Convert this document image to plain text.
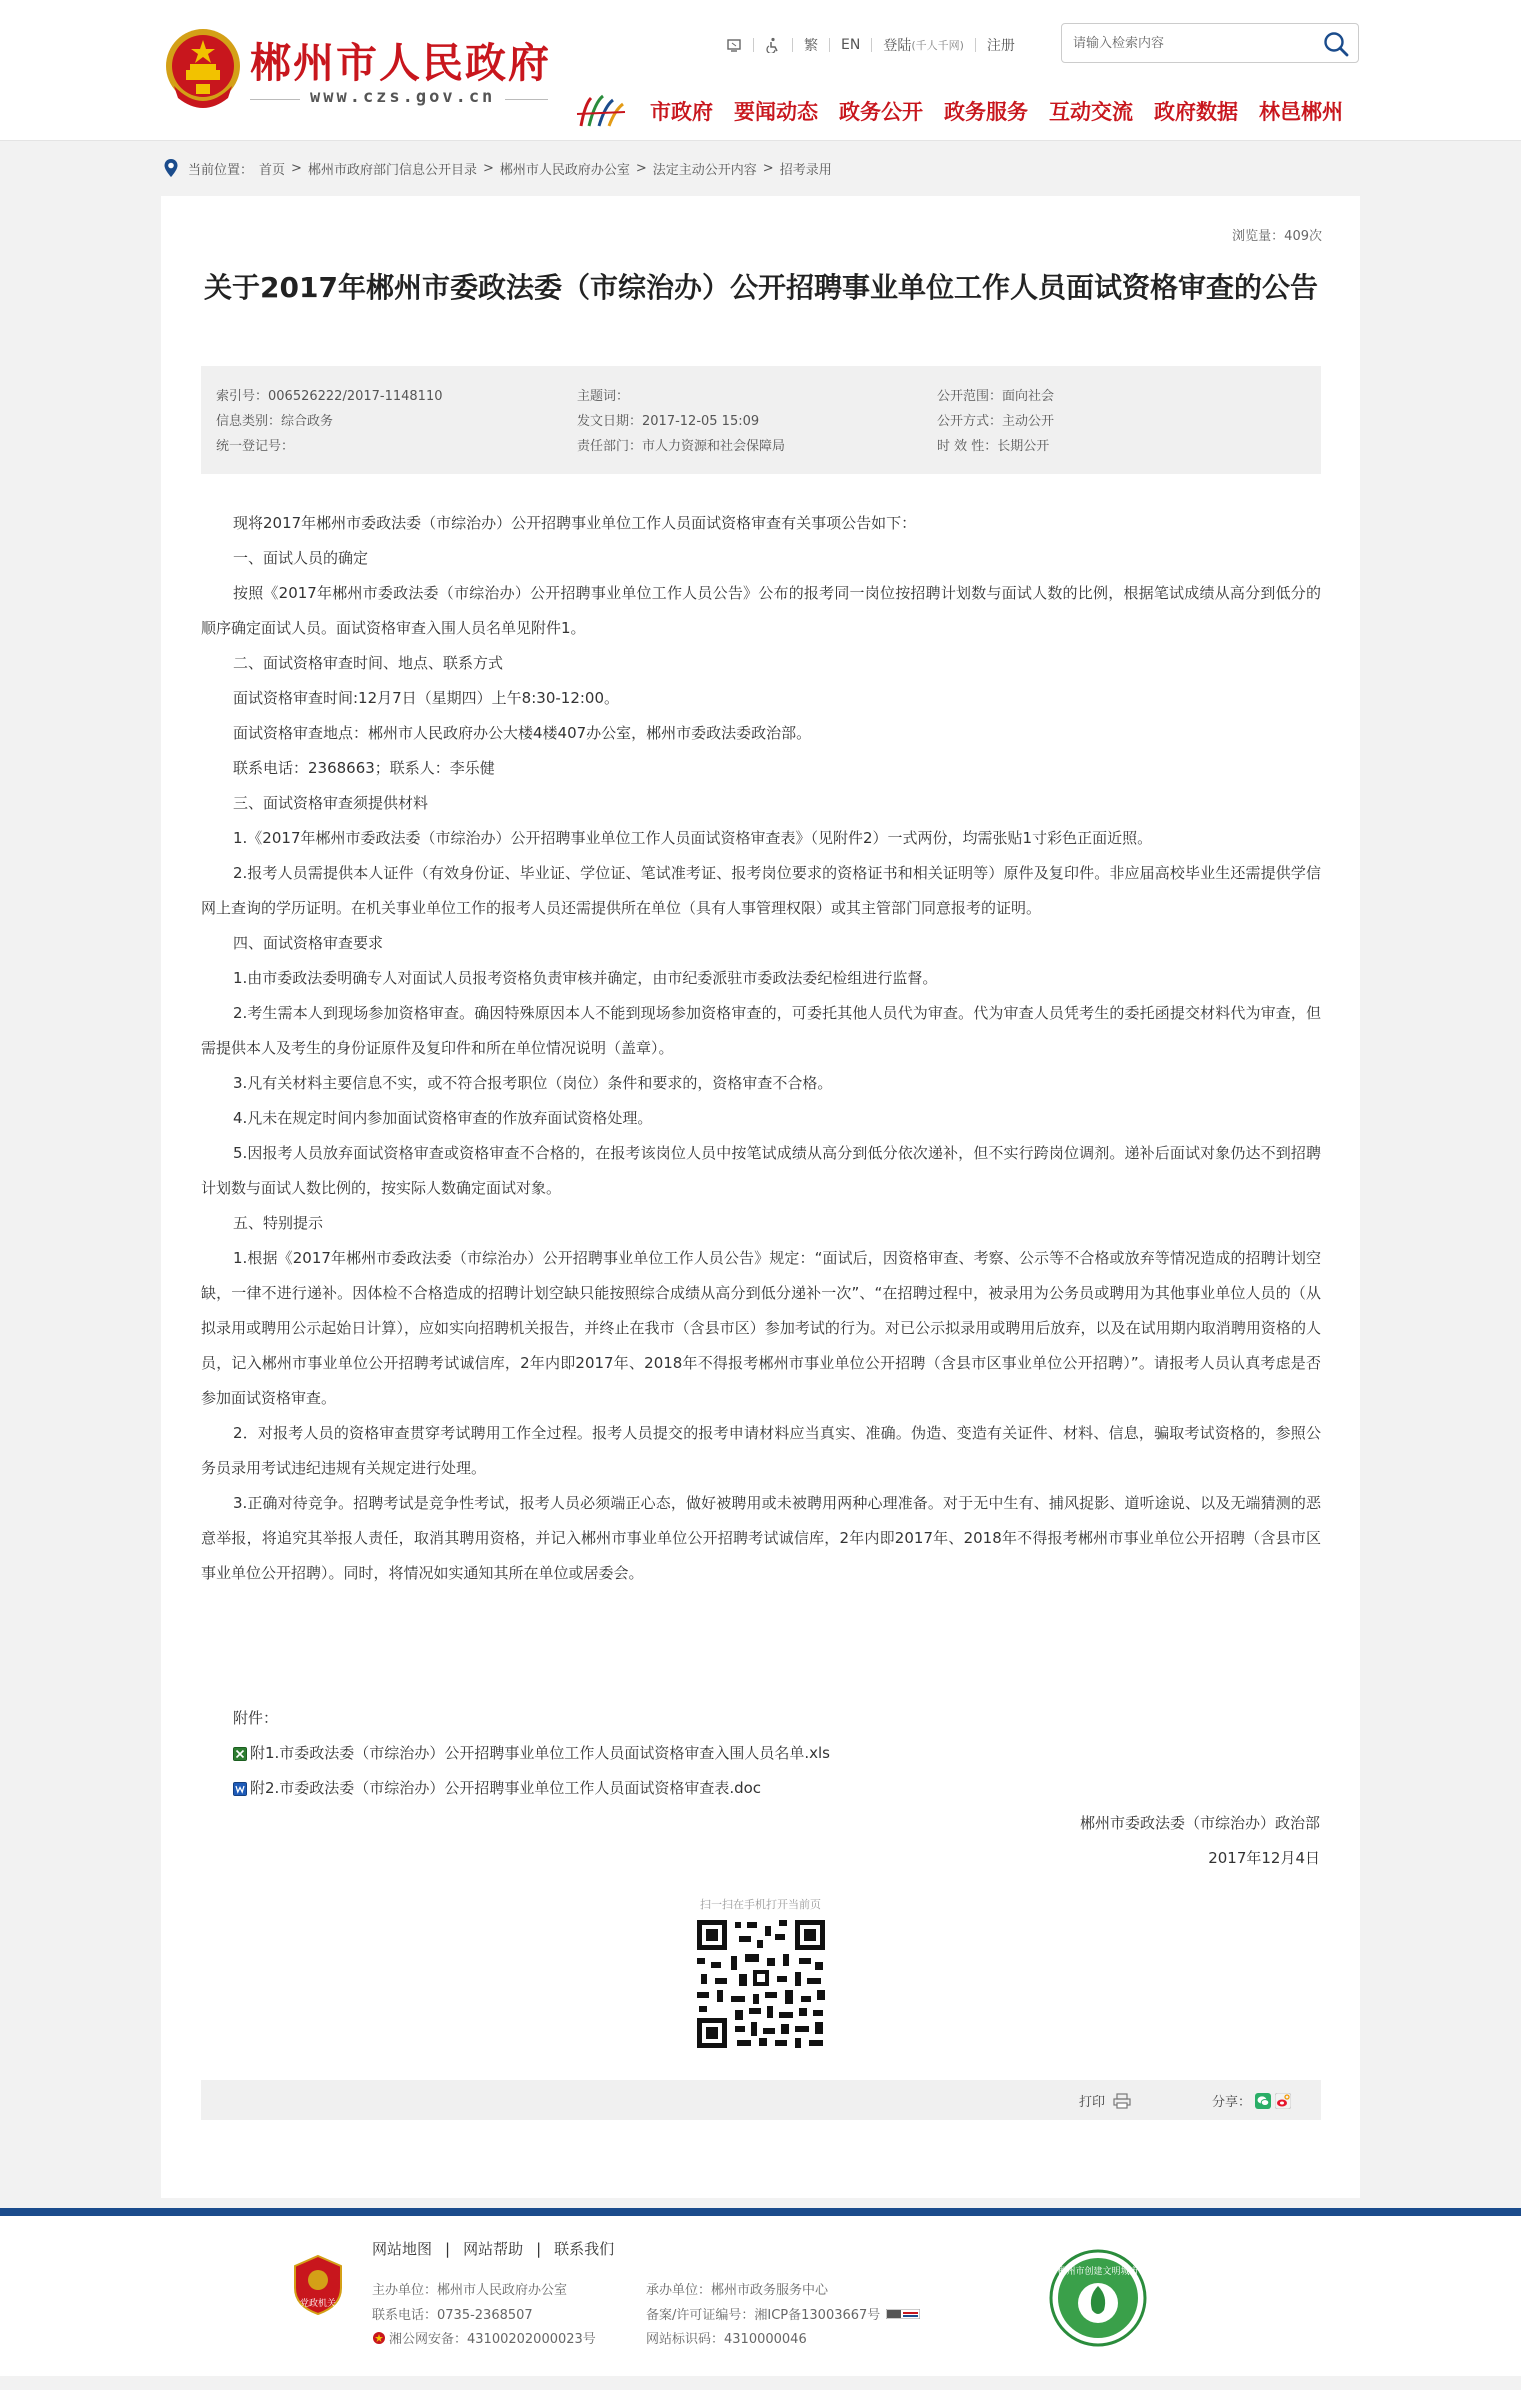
郴州市人民政府
www.czs.gov.cn
繁 EN 登陆 (千人千网) 注册
请输入检索内容
市政府 要闻动态 政务公开 政务服务 互动交流 政府数据 林邑郴州
当前位置： 首页 > 郴州市政府部门信息公开目录 > 郴州市人民政府办公室 > 法定主动公开内容 > 招考录用
浏览量：409次
关于2017年郴州市委政法委（市综治办）公开招聘事业单位工作人员面试资格审查的公告
索引号：006526222/2017-1148110
信息类别：综合政务
统一登记号：
主题词：
发文日期：2017-12-05 15:09
责任部门：市人力资源和社会保障局
公开范围：面向社会
公开方式：主动公开
时 效 性：长期公开

现将2017年郴州市委政法委（市综治办）公开招聘事业单位工作人员面试资格审查有关事项公告如下：

一、面试人员的确定

按照《2017年郴州市委政法委（市综治办）公开招聘事业单位工作人员公告》公布的报考同一岗位按招聘计划数与面试人数的比例，根据笔试成绩从高分到低分的顺序确定面试人员。面试资格审查入围人员名单见附件1。

二、面试资格审查时间、地点、联系方式

面试资格审查时间:12月7日（星期四）上午8:30-12:00。

面试资格审查地点：郴州市人民政府办公大楼4楼407办公室，郴州市委政法委政治部。

联系电话：2368663；联系人：李乐健

三、面试资格审查须提供材料

1.《2017年郴州市委政法委（市综治办）公开招聘事业单位工作人员面试资格审查表》（见附件2）一式两份，均需张贴1寸彩色正面近照。

2.报考人员需提供本人证件（有效身份证、毕业证、学位证、笔试准考证、报考岗位要求的资格证书和相关证明等）原件及复印件。非应届高校毕业生还需提供学信网上查询的学历证明。在机关事业单位工作的报考人员还需提供所在单位（具有人事管理权限）或其主管部门同意报考的证明。

四、面试资格审查要求

1.由市委政法委明确专人对面试人员报考资格负责审核并确定，由市纪委派驻市委政法委纪检组进行监督。

2.考生需本人到现场参加资格审查。确因特殊原因本人不能到现场参加资格审查的，可委托其他人员代为审查。代为审查人员凭考生的委托函提交材料代为审查，但需提供本人及考生的身份证原件及复印件和所在单位情况说明（盖章）。

3.凡有关材料主要信息不实，或不符合报考职位（岗位）条件和要求的，资格审查不合格。

4.凡未在规定时间内参加面试资格审查的作放弃面试资格处理。

5.因报考人员放弃面试资格审查或资格审查不合格的，在报考该岗位人员中按笔试成绩从高分到低分依次递补，但不实行跨岗位调剂。递补后面试对象仍达不到招聘计划数与面试人数比例的，按实际人数确定面试对象。

五、特别提示

1.根据《2017年郴州市委政法委（市综治办）公开招聘事业单位工作人员公告》规定：“面试后，因资格审查、考察、公示等不合格或放弃等情况造成的招聘计划空缺，一律不进行递补。因体检不合格造成的招聘计划空缺只能按照综合成绩从高分到低分递补一次”、“在招聘过程中，被录用为公务员或聘用为其他事业单位人员的（从拟录用或聘用公示起始日计算），应如实向招聘机关报告，并终止在我市（含县市区）参加考试的行为。对已公示拟录用或聘用后放弃，以及在试用期内取消聘用资格的人员，记入郴州市事业单位公开招聘考试诚信库，2年内即2017年、2018年不得报考郴州市事业单位公开招聘（含县市区事业单位公开招聘）”。请报考人员认真考虑是否参加面试资格审查。

2．对报考人员的资格审查贯穿考试聘用工作全过程。报考人员提交的报考申请材料应当真实、准确。伪造、变造有关证件、材料、信息，骗取考试资格的，参照公务员录用考试违纪违规有关规定进行处理。

3.正确对待竞争。招聘考试是竞争性考试，报考人员必须端正心态，做好被聘用或未被聘用两种心理准备。对于无中生有、捕风捉影、道听途说、以及无端猜测的恶意举报，将追究其举报人责任，取消其聘用资格，并记入郴州市事业单位公开招聘考试诚信库，2年内即2017年、2018年不得报考郴州市事业单位公开招聘（含县市区事业单位公开招聘）。同时，将情况如实通知其所在单位或居委会。

附件：
附1.市委政法委（市综治办）公开招聘事业单位工作人员面试资格审查入围人员名单.xls
附2.市委政法委（市综治办）公开招聘事业单位工作人员面试资格审查表.doc
郴州市委政法委（市综治办）政治部
2017年12月4日
扫一扫在手机打开当前页
打印	分享：
党政机关
网站地图 | 网站帮助 | 联系我们
主办单位：郴州市人民政府办公室
联系电话：0735-2368507
湘公网安备：43100202000023号
承办单位：郴州市政务服务中心
备案/许可证编号：湘ICP备13003667号
网站标识码：4310000046
郴州市创建文明城市
